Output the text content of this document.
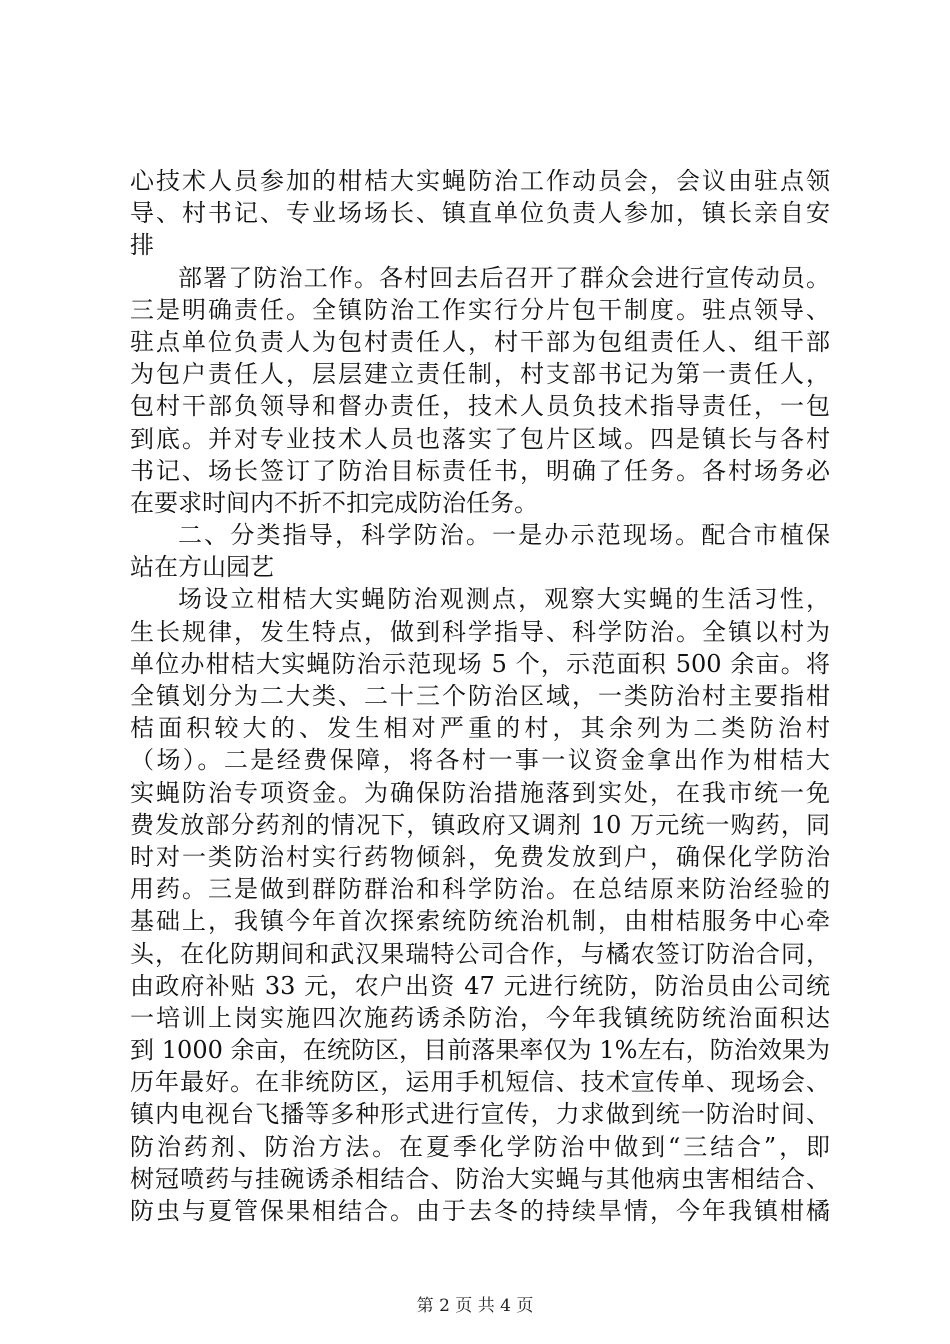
心技术人员参加的柑桔大实蝇防治工作动员会，会议由驻点领
导、村书记、专业场场长、镇直单位负责人参加，镇长亲自安
排
部署了防治工作。各村回去后召开了群众会进行宣传动员。
三是明确责任。全镇防治工作实行分片包干制度。驻点领导、
驻点单位负责人为包村责任人，村干部为包组责任人、组干部
为包户责任人，层层建立责任制，村支部书记为第一责任人，
包村干部负领导和督办责任，技术人员负技术指导责任，一包
到底。并对专业技术人员也落实了包片区域。四是镇长与各村
书记、场长签订了防治目标责任书，明确了任务。各村场务必
在要求时间内不折不扣完成防治任务。
二、分类指导，科学防治。一是办示范现场。配合市植保
站在方山园艺
场设立柑桔大实蝇防治观测点，观察大实蝇的生活习性，
生长规律，发生特点，做到科学指导、科学防治。全镇以村为
单位办柑桔大实蝇防治示范现场 5 个，示范面积 500 余亩。将
全镇划分为二大类、二十三个防治区域，一类防治村主要指柑
桔面积较大的、发生相对严重的村，其余列为二类防治村
（场）。二是经费保障，将各村一事一议资金拿出作为柑桔大
实蝇防治专项资金。为确保防治措施落到实处，在我市统一免
费发放部分药剂的情况下，镇政府又调剂 10 万元统一购药，同
时对一类防治村实行药物倾斜，免费发放到户，确保化学防治
用药。三是做到群防群治和科学防治。在总结原来防治经验的
基础上，我镇今年首次探索统防统治机制，由柑桔服务中心牵
头，在化防期间和武汉果瑞特公司合作，与橘农签订防治合同，
由政府补贴 33 元，农户出资 47 元进行统防，防治员由公司统
一培训上岗实施四次施药诱杀防治，今年我镇统防统治面积达
到 1000 余亩，在统防区，目前落果率仅为 1%左右，防治效果为
历年最好。在非统防区，运用手机短信、技术宣传单、现场会、
镇内电视台飞播等多种形式进行宣传，力求做到统一防治时间、
防治药剂、防治方法。在夏季化学防治中做到“三结合”，即
树冠喷药与挂碗诱杀相结合、防治大实蝇与其他病虫害相结合、
防虫与夏管保果相结合。由于去冬的持续旱情，今年我镇柑橘
第 2 页 共 4 页
